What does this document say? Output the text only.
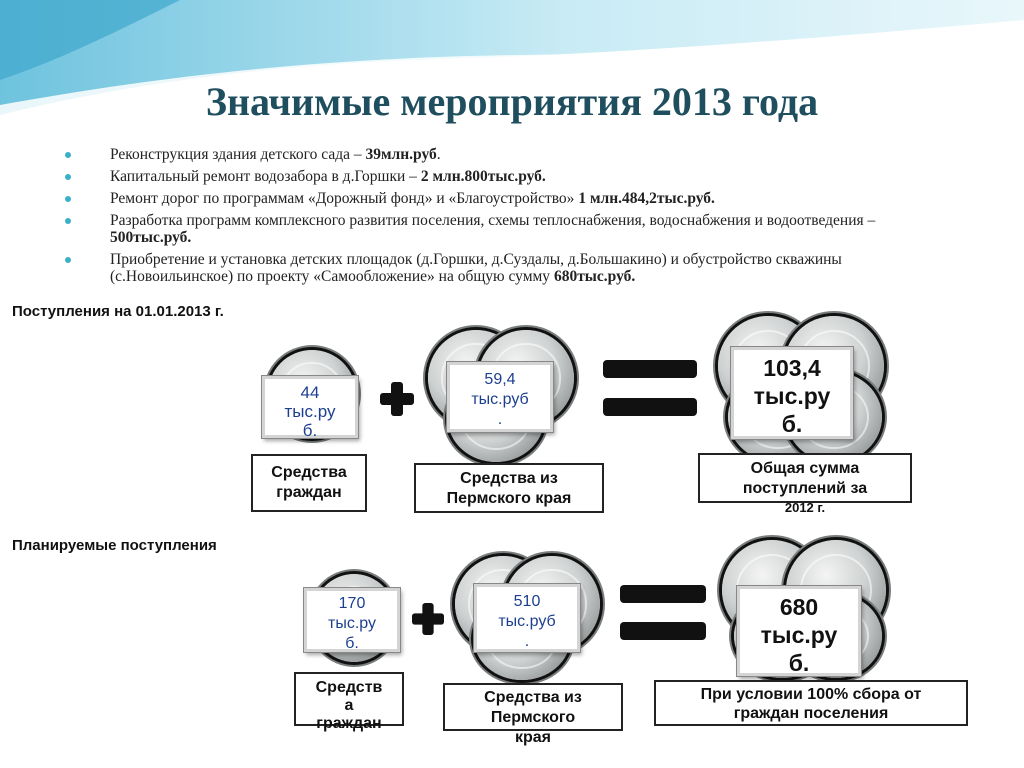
Значимые мероприятия 2013 года
Реконструкция здания детского сада – 39млн.руб.
Капитальный ремонт водозабора в д.Горшки – 2 млн.800тыс.руб.
Ремонт дорог по программам «Дорожный фонд» и «Благоустройство» 1 млн.484,2тыс.руб.
Разработка программ комплексного развития поселения, схемы теплоснабжения, водоснабжения и водоотведения – 500тыс.руб.
Приобретение и установка детских площадок (д.Горшки, д.Суздалы, д.Большакино) и обустройство скважины (с.Новоильинское) по проекту «Самообложение» на общую сумму 680тыс.руб.
Поступления на 01.01.2013 г.
44
тыс.ру
б.
Средства
граждан
59,4
тыс.руб
.
Средства из
Пермского края
103,4
тыс.ру
б.
Общая сумма
поступлений за
2012 г.
Планируемые поступления
170
тыс.ру
б.
Средств
а
граждан
510
тыс.руб
.
Средства из
Пермского
края
680
тыс.ру
б.
При условии 100% сбора от
граждан поселения
